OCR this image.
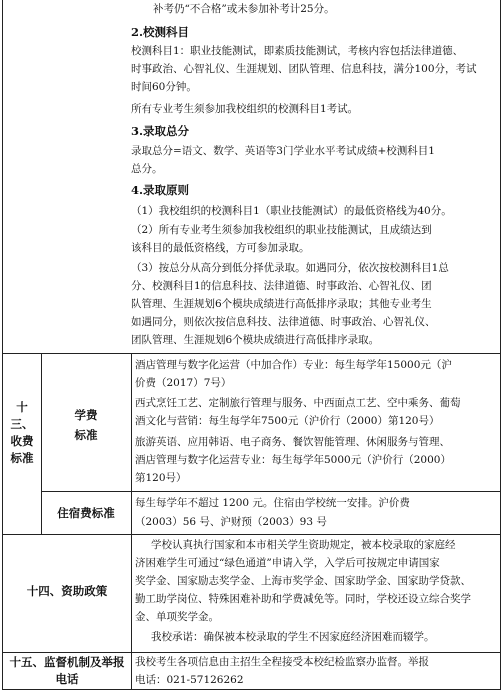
补考仍“不合格”或未参加补考计25分。
2.校测科目
校测科目1：职业技能测试，即素质技能测试，考核内容包括法律道德、
时事政治、心智礼仪、生涯规划、团队管理、信息科技，满分100分，考试
时间60分钟。
所有专业考生须参加我校组织的校测科目1考试。
3.录取总分
录取总分=语文、数学、英语等3门学业水平考试成绩+校测科目1
总分。
4.录取原则
（1）我校组织的校测科目1（职业技能测试）的最低资格线为40分。
（2）所有专业考生须参加我校组织的职业技能测试，且成绩达到
该科目的最低资格线，方可参加录取。
（3）按总分从高分到低分择优录取。如遇同分，依次按校测科目1总
分、校测科目1的信息科技、法律道德、时事政治、心智礼仪、团
队管理、生涯规划6个模块成绩进行高低排序录取；其他专业考生
如遇同分，则依次按信息科技、法律道德、时事政治、心智礼仪、
团队管理、生涯规划6个模块成绩进行高低排序录取。
十
三、
收费
标准
学费
标准
酒店管理与数字化运营（中加合作）专业：每生每学年15000元（沪
价费（2017）7号）
西式烹饪工艺、定制旅行管理与服务、中西面点工艺、空中乘务、葡萄
酒文化与营销：每生每学年7500元（沪价行（2000）第120号）
旅游英语、应用韩语、电子商务、餐饮智能管理、休闲服务与管理、
酒店管理与数字化运营专业：每生每学年5000元（沪价行（2000）
第120号）
住宿费标准
每生每学年不超过 1200 元。住宿由学校统一安排。沪价费
（2003）56 号、沪财预（2003）93 号
十四、资助政策
学校认真执行国家和本市相关学生资助规定，被本校录取的家庭经
济困难学生可通过“绿色通道”申请入学，入学后可按规定申请国家
奖学金、国家励志奖学金、上海市奖学金、国家助学金、国家助学贷款、
勤工助学岗位、特殊困难补助和学费减免等。同时，学校还设立综合奖学
金、单项奖学金。
我校承诺：确保被本校录取的学生不因家庭经济困难而辍学。
十五、监督机制及举报
电话
我校考生各项信息由主招生全程接受本校纪检监察办监督。举报
电话：021-57126262
